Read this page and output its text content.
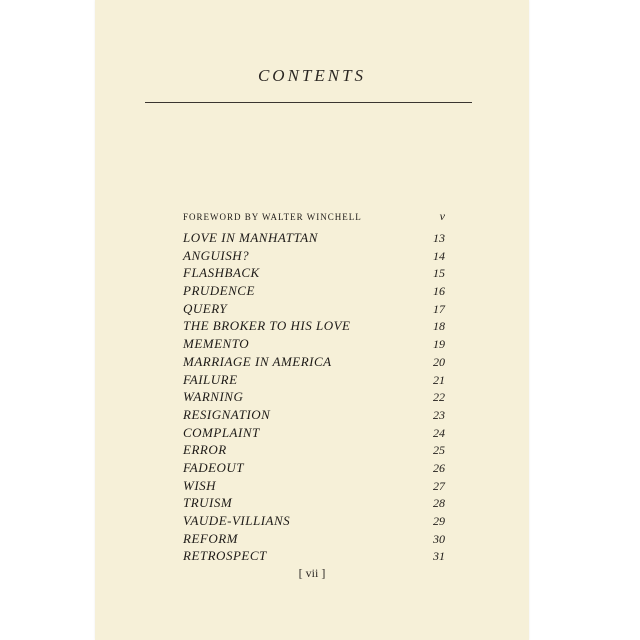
CONTENTS
FOREWORD BY WALTER WINCHELL	v
LOVE IN MANHATTAN	13
ANGUISH?	14
FLASHBACK	15
PRUDENCE	16
QUERY	17
THE BROKER TO HIS LOVE	18
MEMENTO	19
MARRIAGE IN AMERICA	20
FAILURE	21
WARNING	22
RESIGNATION	23
COMPLAINT	24
ERROR	25
FADEOUT	26
WISH	27
TRUISM	28
VAUDE-VILLIANS	29
REFORM	30
RETROSPECT	31
[ vii ]
